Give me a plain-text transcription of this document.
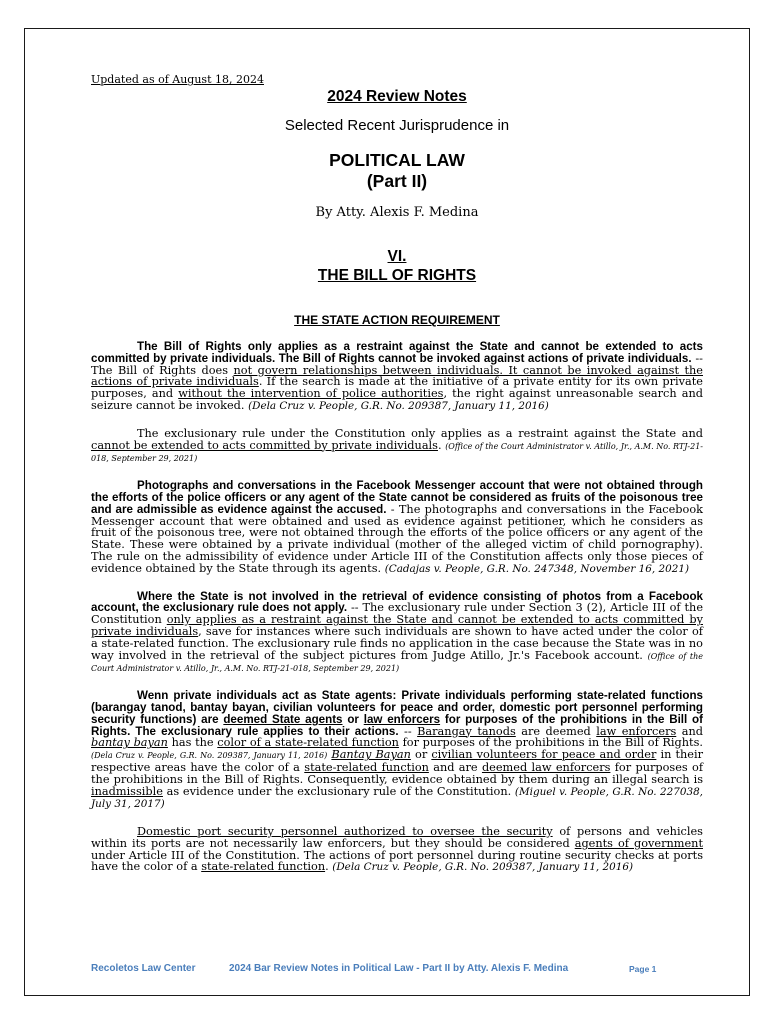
Updated as of August 18, 2024
2024 Review Notes
Selected Recent Jurisprudence in
POLITICAL LAW
(Part II)
By Atty. Alexis F. Medina
VI.
THE BILL OF RIGHTS
THE STATE ACTION REQUIREMENT

The Bill of Rights only applies as a restraint against the State and cannot be extended to acts committed by private individuals. The Bill of Rights cannot be invoked against actions of private individuals. -- The Bill of Rights does not govern relationships between individuals. It cannot be invoked against the actions of private individuals. If the search is made at the initiative of a private entity for its own private purposes, and without the intervention of police authorities, the right against unreasonable search and seizure cannot be invoked. (Dela Cruz v. People, G.R. No. 209387, January 11, 2016)

The exclusionary rule under the Constitution only applies as a restraint against the State and cannot be extended to acts committed by private individuals. (Office of the Court Administrator v. Atillo, Jr., A.M. No. RTJ-21-018, September 29, 2021)

Photographs and conversations in the Facebook Messenger account that were not obtained through the efforts of the police officers or any agent of the State cannot be considered as fruits of the poisonous tree and are admissible as evidence against the accused. - The photographs and conversations in the Facebook Messenger account that were obtained and used as evidence against petitioner, which he considers as fruit of the poisonous tree, were not obtained through the efforts of the police officers or any agent of the State. These were obtained by a private individual (mother of the alleged victim of child pornography). The rule on the admissibility of evidence under Article III of the Constitution affects only those pieces of evidence obtained by the State through its agents. (Cadajas v. People, G.R. No. 247348, November 16, 2021)

Where the State is not involved in the retrieval of evidence consisting of photos from a Facebook account, the exclusionary rule does not apply. -- The exclusionary rule under Section 3 (2), Article III of the Constitution only applies as a restraint against the State and cannot be extended to acts committed by private individuals, save for instances where such individuals are shown to have acted under the color of a state-related function. The exclusionary rule finds no application in the case because the State was in no way involved in the retrieval of the subject pictures from Judge Atillo, Jr.'s Facebook account. (Office of the Court Administrator v. Atillo, Jr., A.M. No. RTJ-21-018, September 29, 2021)

Wenn private individuals act as State agents: Private individuals performing state-related functions (barangay tanod, bantay bayan, civilian volunteers for peace and order, domestic port personnel performing security functions) are deemed State agents or law enforcers for purposes of the prohibitions in the Bill of Rights. The exclusionary rule applies to their actions. -- Barangay tanods are deemed law enforcers and bantay bayan has the color of a state-related function for purposes of the prohibitions in the Bill of Rights. (Dela Cruz v. People, G.R. No. 209387, January 11, 2016) Bantay Bayan or civilian volunteers for peace and order in their respective areas have the color of a state-related function and are deemed law enforcers for purposes of the prohibitions in the Bill of Rights. Consequently, evidence obtained by them during an illegal search is inadmissible as evidence under the exclusionary rule of the Constitution. (Miguel v. People, G.R. No. 227038, July 31, 2017)

Domestic port security personnel authorized to oversee the security of persons and vehicles within its ports are not necessarily law enforcers, but they should be considered agents of government under Article III of the Constitution. The actions of port personnel during routine security checks at ports have the color of a state-related function. (Dela Cruz v. People, G.R. No. 209387, January 11, 2016)

Recoletos Law Center	2024 Bar Review Notes in Political Law - Part II by Atty. Alexis F. Medina	Page 1
